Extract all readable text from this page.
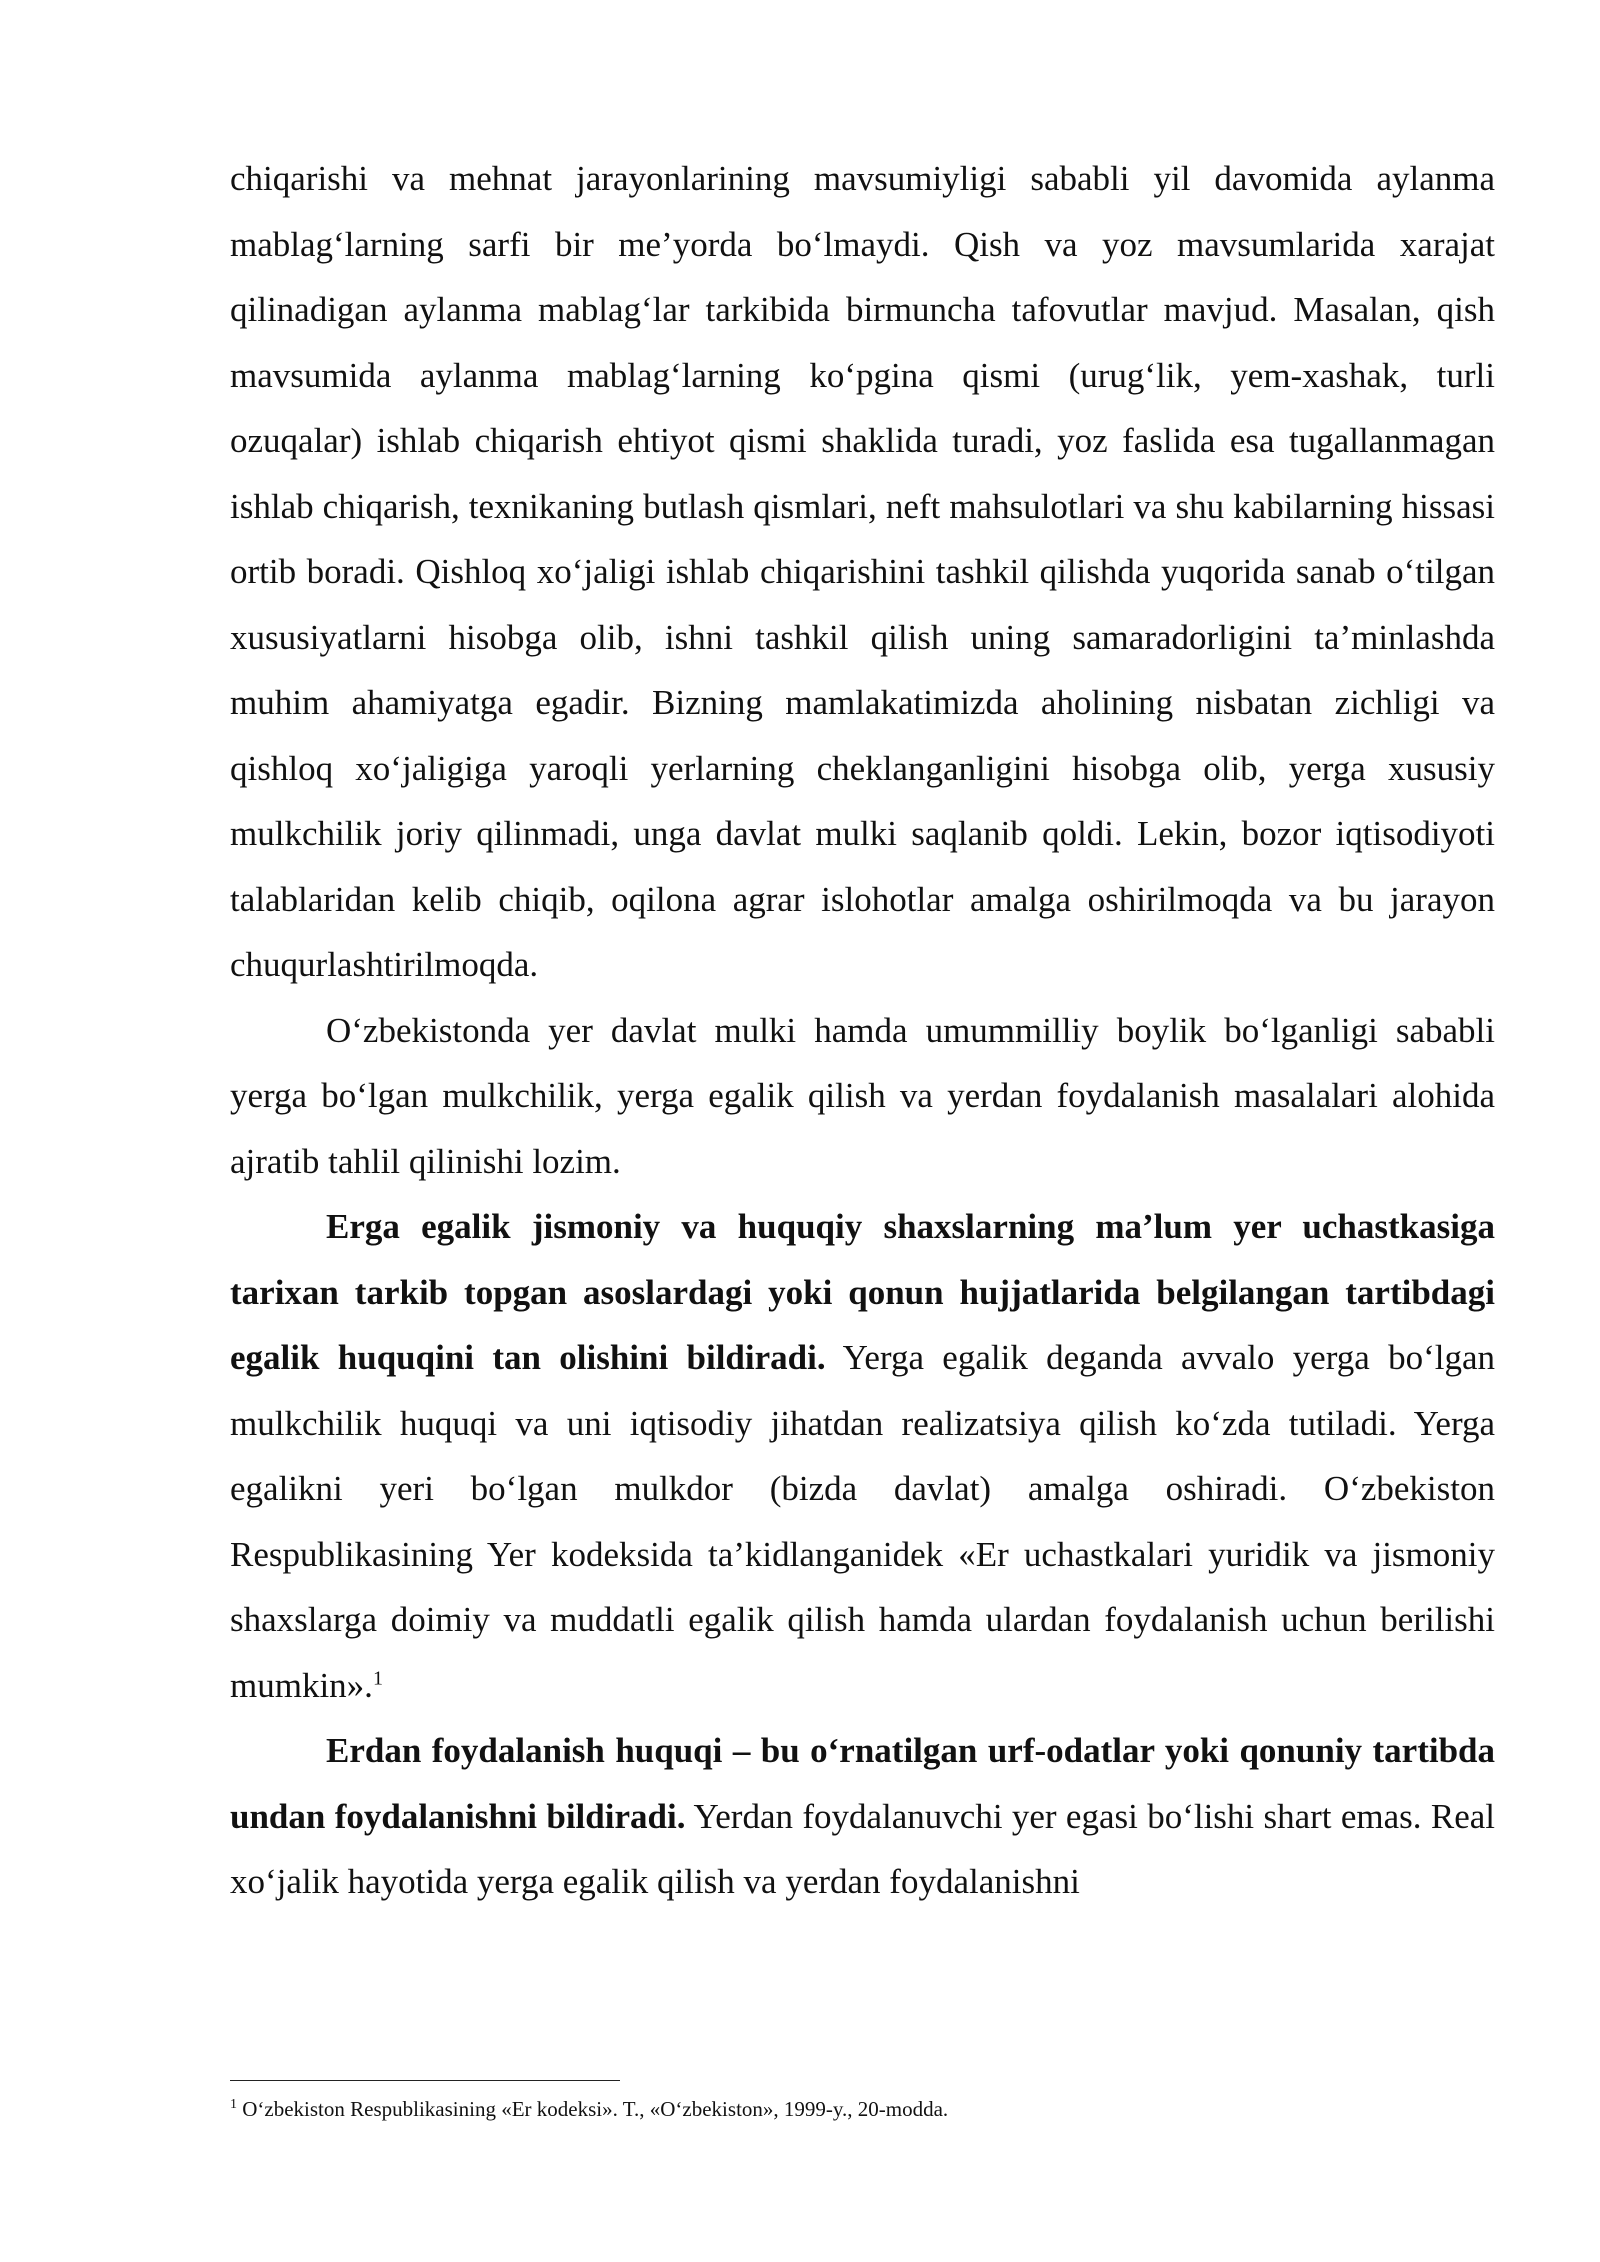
chiqarishi va mehnat jarayonlarining mavsumiyligi sababli yil davomida aylanma mablag‘larning sarfi bir me’yorda bo‘lmaydi. Qish va yoz mavsumlarida xarajat qilinadigan aylanma mablag‘lar tarkibida birmuncha tafovutlar mavjud. Masalan, qish mavsumida aylanma mablag‘larning ko‘pgina qismi (urug‘lik, yem-xashak, turli ozuqalar) ishlab chiqarish ehtiyot qismi shaklida turadi, yoz faslida esa tugallanmagan ishlab chiqarish, texnikaning butlash qismlari, neft mahsulotlari va shu kabilarning hissasi ortib boradi. Qishloq xo‘jaligi ishlab chiqarishini tashkil qilishda yuqorida sanab o‘tilgan xususiyatlarni hisobga olib, ishni tashkil qilish uning samaradorligini ta’minlashda muhim ahamiyatga egadir. Bizning mamlakatimizda aholining nisbatan zichligi va qishloq xo‘jaligiga yaroqli yerlarning cheklanganligini hisobga olib, yerga xususiy mulkchilik joriy qilinmadi, unga davlat mulki saqlanib qoldi. Lekin, bozor iqtisodiyoti talablaridan kelib chiqib, oqilona agrar islohotlar amalga oshirilmoqda va bu jarayon chuqurlashtirilmoqda.

O‘zbekistonda yer davlat mulki hamda umummilliy boylik bo‘lganligi sababli yerga bo‘lgan mulkchilik, yerga egalik qilish va yerdan foydalanish masalalari alohida ajratib tahlil qilinishi lozim.

Erga egalik jismoniy va huquqiy shaxslarning ma’lum yer uchastkasiga tarixan tarkib topgan asoslardagi yoki qonun hujjatlarida belgilangan tartibdagi egalik huquqini tan olishini bildiradi. Yerga egalik deganda avvalo yerga bo‘lgan mulkchilik huquqi va uni iqtisodiy jihatdan realizatsiya qilish ko‘zda tutiladi. Yerga egalikni yeri bo‘lgan mulkdor (bizda davlat) amalga oshiradi. O‘zbekiston Respublikasining Yer kodeksida ta’kidlanganidek «Er uchastkalari yuridik va jismoniy shaxslarga doimiy va muddatli egalik qilish hamda ulardan foydalanish uchun berilishi mumkin».$^1$

Erdan foydalanish huquqi – bu o‘rnatilgan urf-odatlar yoki qonuniy tartibda undan foydalanishni bildiradi. Yerdan foydalanuvchi yer egasi bo‘lishi shart emas. Real xo‘jalik hayotida yerga egalik qilish va yerdan foydalanishni

$^1$ O‘zbekiston Respublikasining «Er kodeksi». T., «O‘zbekiston», 1999-y., 20-modda.
